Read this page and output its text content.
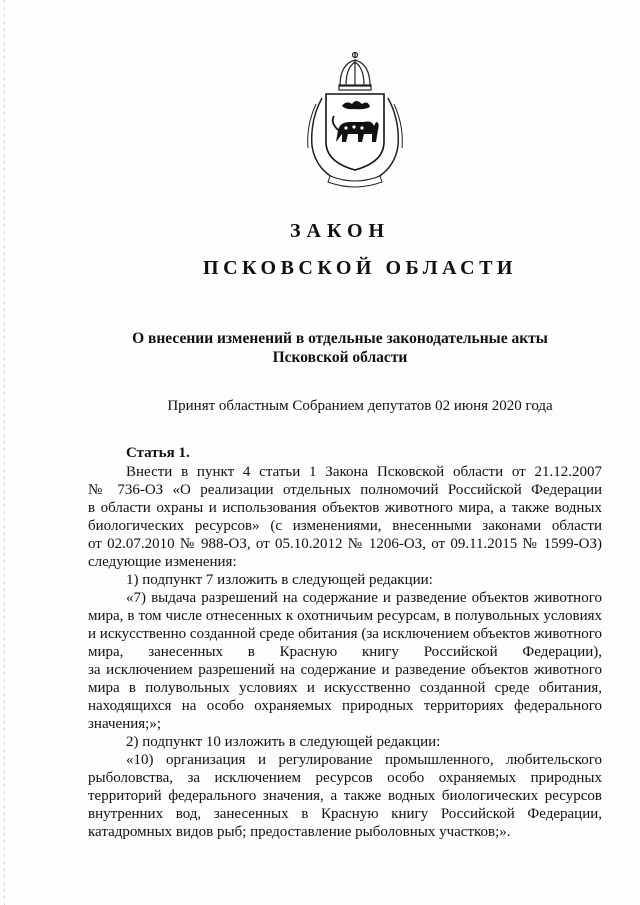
ЗАКОН
ПСКОВСКОЙ ОБЛАСТИ
О внесении изменений в отдельные законодательные акты
Псковской области
Принят областным Собранием депутатов 02 июня 2020 года
Статья 1.
Внести в пункт 4 статьи 1 Закона Псковской области от 21.12.2007
№ 736-ОЗ «О реализации отдельных полномочий Российской Федерации
в области охраны и использования объектов животного мира, а также водных
биологических ресурсов» (с изменениями, внесенными законами области
от 02.07.2010 № 988-ОЗ, от 05.10.2012 № 1206-ОЗ, от 09.11.2015 № 1599-ОЗ)
следующие изменения:
1) подпункт 7 изложить в следующей редакции:
«7) выдача разрешений на содержание и разведение объектов животного
мира, в том числе отнесенных к охотничьим ресурсам, в полувольных условиях
и искусственно созданной среде обитания (за исключением объектов животного
мира, занесенных в Красную книгу Российской Федерации),
за исключением разрешений на содержание и разведение объектов животного
мира в полувольных условиях и искусственно созданной среде обитания,
находящихся на особо охраняемых природных территориях федерального
значения;»;
2) подпункт 10 изложить в следующей редакции:
«10) организация и регулирование промышленного, любительского
рыболовства, за исключением ресурсов особо охраняемых природных
территорий федерального значения, а также водных биологических ресурсов
внутренних вод, занесенных в Красную книгу Российской Федерации,
катадромных видов рыб; предоставление рыболовных участков;».
